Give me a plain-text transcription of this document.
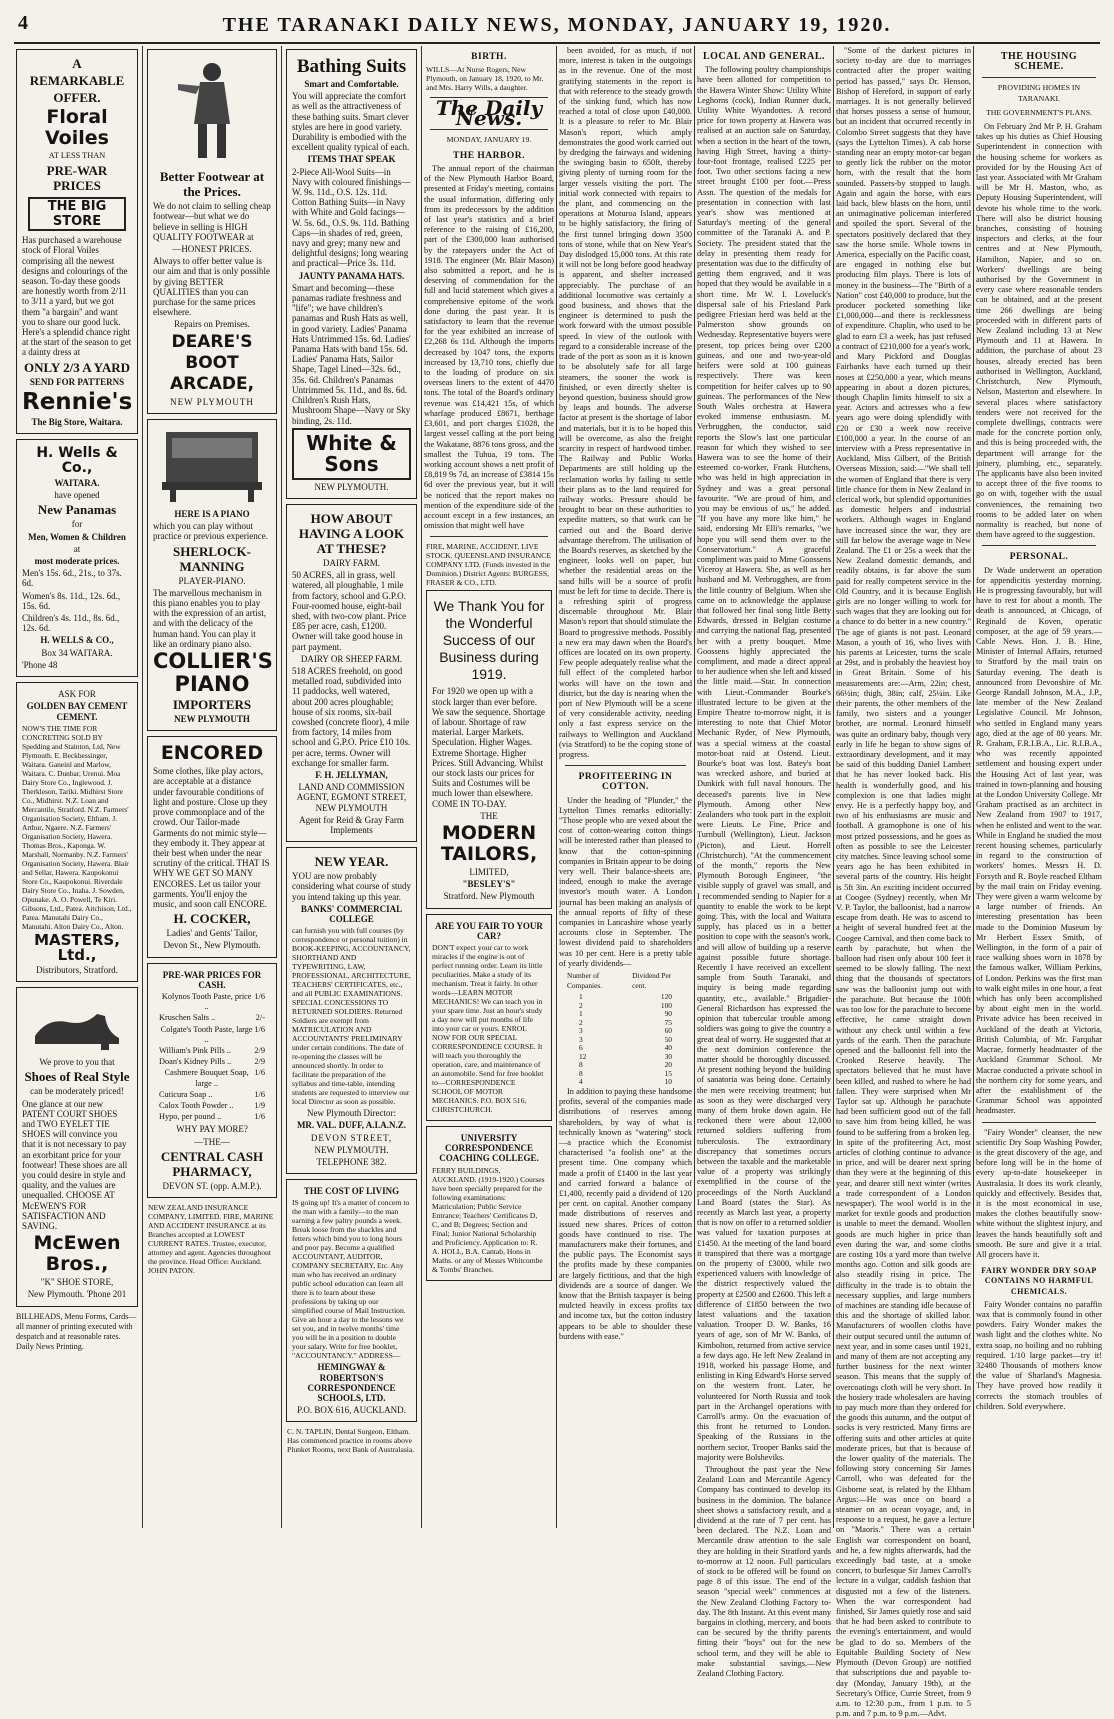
4	THE TARANAKI DAILY NEWS, MONDAY, JANUARY 19, 1920.

A

REMARKABLE

OFFER.

Floral Voiles

AT LESS THAN

PRE-WAR PRICES

THE BIG STORE

Has purchased a warehouse stock of Floral Voiles comprising all the newest designs and colourings of the season. To-day these goods are honestly worth from 2/11 to 3/11 a yard, but we got them "a bargain" and want you to share our good luck. Here's a splendid chance right at the start of the season to get a dainty dress at

ONLY 2/3 A YARD

SEND FOR PATTERNS

Rennie's

The Big Store, Waitara.

H. Wells & Co.,

WAITARA.

have opened

New Panamas

for

Men, Women & Children

at

most moderate prices.

Men's 15s. 6d., 21s., to 37s. 6d.

Women's 8s. 11d., 12s. 6d., 15s. 6d.

Children's 4s. 11d., 8s. 6d., 12s. 6d.

H. WELLS & CO.,

Box 34 WAITARA.

'Phone 48

ASK FOR

GOLDEN BAY CEMENT CEMENT.

NOW'S THE TIME FOR CONCRETING SOLD BY Spedding and Stainton, Ltd, New Plymouth. E. Beckbessinger, Waitara. Ganeinl and Marlow, Waitara. C. Dunbar, Urenui. Moa Dairy Store Co., Inglewood. J. Therkleson, Tariki. Midhirst Store Co., Midhirst. N.Z. Loan and Mercantile, Stratford. N.Z. Farmers' Organisation Society, Eltham. J. Arthur, Ngaere. N.Z. Farmers' Organisation Society, Hawera. Thomas Bros., Kaponga. W. Marshall, Normanby. N.Z. Farmers' Organisation Society, Hawera. Blair and Sellar, Hawera. Kaupokonui Store Co., Kaupokonui. Riverdale Dairy Store Co., Inaha. J. Sowden, Opunake. A. O. Powell, Te Kiri. Gibsons, Ltd., Patea. Aitchison, Ltd., Patea. Manutahi Dairy Co., Manutahi. Alton Dairy Co., Alton.

MASTERS, Ltd.,

Distributors, Stratford.

We prove to you that

Shoes of Real Style

can be moderately priced!

One glance at our new PATENT COURT SHOES and TWO EYELET TIE SHOES will convince you that it is not necessary to pay an exorbitant price for your footwear! These shoes are all you could desire in style and quality, and the values are unequalled. CHOOSE AT McEWEN'S FOR SATISFACTION AND SAVING.

McEwen Bros.,

"K" SHOE STORE,

New Plymouth. 'Phone 201

BILLHEADS, Menu Forms, Cards—all manner of printing executed with despatch and at reasonable rates. Daily News Printing.

Better Footwear at the Prices.

We do not claim to selling cheap footwear—but what we do believe in selling is HIGH QUALITY FOOTWEAR at

—HONEST PRICES.

Always to offer better value is our aim and that is only possible by giving BETTER QUALITIES than you can purchase for the same prices elsewhere.

Repairs on Premises.

DEARE'S BOOT ARCADE,

NEW PLYMOUTH

HERE IS A PIANO

which you can play without practice or previous experience.

SHERLOCK-MANNING

PLAYER-PIANO.

The marvellous mechanism in this piano enables you to play with the expression of an artist, and with the delicacy of the human hand. You can play it like an ordinary piano also.

COLLIER'S

PIANO

IMPORTERS

NEW PLYMOUTH

ENCORED

Some clothes, like play actors, are acceptable at a distance under favourable conditions of light and posture. Close up they prove commonplace and of the crowd. Our Tailor-made Garments do not mimic style—they embody it. They appear at their best when under the near scrutiny of the critical. THAT IS WHY WE GET SO MANY ENCORES. Let us tailor your garments. You'll enjoy the music, and soon call ENCORE.

H. COCKER,

Ladies' and Gents' Tailor,

Devon St., New Plymouth.

PRE-WAR PRICES FOR CASH.

Kolynos Tooth Paste, price ..
1/6
Kruschen Salts ..	2/-
Colgate's Tooth Paste, large ..
1/6
William's Pink Pills ..	2/9
Doan's Kidney Pills ..	2/9
Cashmere Bouquet Soap, large ..
1/6
Cuticura Soap ..	1/6
Calox Tooth Powder ..	1/9
Hypo, per pound ..	1/6

WHY PAY MORE?

—THE—

CENTRAL CASH PHARMACY,

DEVON ST. (opp. A.M.P.).

NEW ZEALAND INSURANCE COMPANY, LIMITED. FIRE, MARINE AND ACCIDENT INSURANCE at its Branches accepted at LOWEST CURRENT RATES. Trustee, executor, attorney and agent. Agencies throughout the province. Head Office: Auckland. JOHN PATON.

Bathing Suits

Smart and Comfortable.

You will appreciate the comfort as well as the attractiveness of these bathing suits. Smart clever styles are here in good variety. Durability is embodied with the excellent quality typical of each.

ITEMS THAT SPEAK

2-Piece All-Wool Suits—in Navy with coloured finishings—W. 9s. 11d., O.S. 12s. 11d. Cotton Bathing Suits—in Navy with White and Gold facings—W. 5s. 6d., O.S. 9s. 11d. Bathing Caps—in shades of red, green, navy and grey; many new and delightful designs; long wearing and practical—Price 3s. 11d.

JAUNTY PANAMA HATS.

Smart and becoming—these panamas radiate freshness and "life"; we have children's panamas and Rush Hats as well, in good variety. Ladies' Panama Hats Untrimmed 15s. 6d. Ladies' Panama Hats with band 15s. 6d. Ladies' Panama Hats, Sailor Shape, Tagel Lined—32s. 6d., 35s. 6d. Children's Panamas Untrimmed 5s. 11d., and 8s. 6d. Children's Rush Hats, Mushroom Shape—Navy or Sky binding, 2s. 11d.

White & Sons

NEW PLYMOUTH.

HOW ABOUT HAVING A LOOK AT THESE?

DAIRY FARM.

50 ACRES, all in grass, well watered, all ploughable, 1 mile from factory, school and G.P.O. Four-roomed house, eight-bail shed, with two-cow plant. Price £85 per acre, cash, £1200. Owner will take good house in part payment.

DAIRY OR SHEEP FARM.

518 ACRES freehold, on good metalled road, subdivided into 11 paddocks, well watered, about 200 acres ploughable; house of six rooms, six-bail cowshed (concrete floor), 4 mile from factory, 14 miles from school and G.P.O. Price £10 10s. per acre, terms. Owner will exchange for smaller farm.

F. H. JELLYMAN,

LAND AND COMMISSION AGENT, EGMONT STREET, NEW PLYMOUTH

Agent for Reid & Gray Farm Implements

NEW YEAR.

YOU are now probably considering what course of study you intend taking up this year.

BANKS' COMMERCIAL COLLEGE

can furnish you with full courses (by correspondence or personal tuition) in BOOK-KEEPING, ACCOUNTANCY, SHORTHAND AND TYPEWRITING, LAW, PROFESSIONAL, ARCHITECTURE, TEACHERS' CERTIFICATES, etc., and all PUBLIC EXAMINATIONS. SPECIAL CONCESSIONS TO RETURNED SOLDIERS. Returned Soldiers are exempt from MATRICULATION AND ACCOUNTANTS' PRELIMINARY under certain conditions. The date of re-opening the classes will be announced shortly. In order to facilitate the preparation of the syllabus and time-table, intending students are requested to interview our local Director as soon as possible.

New Plymouth Director:

MR. VAL. DUFF, A.I.A.N.Z.

DEVON STREET,

NEW PLYMOUTH.

TELEPHONE 382.

THE COST OF LIVING

IS going up! It's a matter of concern to the man with a family—to the man earning a few paltry pounds a week. Break loose from the shackles and fetters which bind you to long hours and poor pay. Become a qualified ACCOUNTANT, AUDITOR, COMPANY SECRETARY, Etc. Any man who has received an ordinary public school education can learn all there is to learn about these professions by taking up our simplified course of Mail Instruction. Give an hour a day to the lessons we set you, and in twelve months' time you will be in a position to double your salary. Write for free booklet, "ACCOUNTANCY." ADDRESS—

HEMINGWAY & ROBERTSON'S CORRESPONDENCE SCHOOLS, LTD.

P.O. BOX 616, AUCKLAND.

C. N. TAPLIN, Dental Surgeon, Eltham. Has commenced practice in rooms above Plunket Rooms, next Bank of Australasia.

BIRTH.

WILLS—At Nurse Rogers, New Plymouth, on January 18, 1920, to Mr. and Mrs. Harry Wills, a daughter.

The Daily News.

MONDAY, JANUARY 19.

THE HARBOR.

The annual report of the chairman of the New Plymouth Harbor Board, presented at Friday's meeting, contains the usual information, differing only from its predecessors by the addition of last year's statistics and a brief reference to the raising of £16,200, part of the £300,000 loan authorised by the ratepayers under the Act of 1918. The engineer (Mr. Blair Mason) also submitted a report, and he is deserving of commendation for the full and lucid statement which gives a comprehensive epitome of the work done during the past year. It is satisfactory to learn that the revenue for the year exhibited an increase of £2,268 6s 11d. Although the imports decreased by 1047 tons, the exports increased by 13,710 tons, chiefly due to the loading of produce on six overseas liners to the extent of 4470 tons. The total of the Board's ordinary revenue was £14,421 15s, of which wharfage produced £8671, berthage £3,601, and port charges £1028, the largest vessel calling at the port being the Wakatane, 8876 tons gross, and the smallest the Tuhua, 19 tons. The working account shows a nett profit of £8,819 9s 7d, an increase of £3814 15s 6d over the previous year, but it will be noticed that the report makes no mention of the expenditure side of the account except in a few instances, an omission that might well have

FIRE, MARINE, ACCIDENT, LIVE STOCK. QUEENSLAND INSURANCE COMPANY LTD. (Funds invested in the Dominion.) District Agents: BURGESS, FRASER & CO., LTD.

We Thank You for the Wonderful Success of our Business during 1919.

For 1920 we open up with a stock larger than ever before. We saw the sequence. Shortage of labour. Shortage of raw material. Larger Markets. Speculation. Higher Wages. Extreme Shortage. Higher Prices. Still Advancing. Whilst our stock lasts our prices for Suits and Costumes will be much lower than elsewhere. COME IN TO-DAY.

THE

MODERN TAILORS,

LIMITED,

"BESLEY'S"

Stratford. New Plymouth

ARE YOU FAIR TO YOUR CAR?

DON'T expect your car to work miracles if the engine is out of perfect running order. Learn its little peculiarities. Make a study of its mechanism. Treat it fairly. In other words—LEARN MOTOR MECHANICS! We can teach you in your spare time. Just an hour's study a day now will put months of life into your car or yours. ENROL NOW FOR OUR SPECIAL CORRESPONDENCE COURSE. It will teach you thoroughly the operation, care, and maintenance of an automobile. Send for free booklet to—CORRESPONDENCE SCHOOL OF MOTOR MECHANICS. P.O. BOX 516, CHRISTCHURCH.

UNIVERSITY CORRESPONDENCE COACHING COLLEGE.

FERRY BUILDINGS, AUCKLAND. (1919-1920.) Courses have been specially prepared for the following examinations: Matriculation; Public Service Entrance; Teachers' Certificates D, C, and B; Degrees; Section and Final; Junior National Scholarship and Proficiency. Application to: R. A. HOLL, B.A. Cantab, Hons in Maths. or any of Messrs Whitcombe & Tombs' Branches.

been avoided, for as much, if not more, interest is taken in the outgoings as in the revenue. One of the most gratifying statements in the report is that with reference to the steady growth of the sinking fund, which has now reached a total of close upon £40,000. It is a pleasure to refer to Mr. Blair Mason's report, which amply demonstrates the good work carried out by dredging the fairways and widening the swinging basin to 650ft, thereby giving plenty of turning room for the larger vessels visiting the port. The initial work connected with repairs to the plant, and commencing on the operations at Moturoa Island, appears to be highly satisfactory, the firing of the first tunnel bringing down 3500 tons of stone, while that on New Year's Day dislodged 15,000 tons. At this rate it will not be long before good headway is apparent, and shelter increased appreciably. The purchase of an additional locomotive was certainly a good business, and shows that the engineer is determined to push the work forward with the utmost possible speed. In view of the outlook with regard to a considerable increase of the trade of the port as soon as it is known to be absolutely safe for all large steamers, the sooner the work is finished, or even directly shelter is beyond question, business should grow by leaps and bounds. The adverse factor at present is the shortage of labor and materials, but it is to be hoped this will be overcome, as also the freight scarcity in respect of hardwood timber. The Railway and Public Works Departments are still holding up the reclamation works by failing to settle their plans as to the land required for railway works. Pressure should be brought to bear on these authorities to expedite matters, so that work can be carried out and the Board derive advantage therefrom. The utilisation of the Board's reserves, as sketched by the engineer, looks well on paper, but whether the residential areas on the sand hills will be a source of profit must be left for time to decide. There is a refreshing spirit of progress discernable throughout Mr. Blair Mason's report that should stimulate the Board to progressive methods. Possibly a new era may dawn when the Board's offices are located on its own property. Few people adequately realise what the full effect of the completed harbor works will have on the town and district, but the day is nearing when the port of New Plymouth will be a scene of very considerable activity, needing only a fast express service on the railways to Wellington and Auckland (via Stratford) to be the coping stone of progress.

PROFITEERING IN COTTON.

Under the heading of "Plunder," the Lyttelton Times remarks editorially: "Those people who are vexed about the cost of cotton-wearing cotton things will be interested rather than pleased to know that the cotton-spinning companies in Britain appear to be doing very well. Their balance-sheets are, indeed, enough to make the average investor's mouth water. A London journal has been making an analysis of the annual reports of fifty of these companies in Lancashire whose yearly accounts close in September. The lowest dividend paid to shareholders was 10 per cent. Here is a pretty table of yearly dividends—

Number of Companies.
Dividend Per cent.
1	120
2	100
1	90
2	75
3	60
3	50
6	40
12	30
8	20
8	15
4	10

In addition to paying these handsome profits, several of the companies made distributions of reserves among shareholders, by way of what is technically known as "watering" stock—a practice which the Economist characterised "a foolish one" at the present time. One company which made a profit of £1400 in the last year and carried forward a balance of £1,400, recently paid a dividend of 120 per cent. on capital. Another company made distributions of reserves and issued new shares. Prices of cotton goods have continued to rise. The manufacturers make their fortunes, and the public pays. The Economist says the profits made by these companies are largely fictitious, and that the high dividends are a source of danger. We know that the British taxpayer is being mulcted heavily in excess profits tax and income tax, but the cotton industry appears to be able to shoulder these burdens with ease."

LOCAL AND GENERAL.

The following poultry championships have been allotted for competition to the Hawera Winter Show: Utility White Leghorns (cock), Indian Runner duck, Utility White Wyandottes. A record price for town property at Hawera was realised at an auction sale on Saturday, when a section in the heart of the town, having High Street, having a thirty-four-foot frontage, realised £225 per foot. Two other sections facing a new street brought £100 per foot.—Press Assn. The question of the medals for presentation in connection with last year's show was mentioned at Saturday's meeting of the general committee of the Taranaki A. and P. Society. The president stated that the delay in presenting them ready for presentation was due to the difficulty of getting them engraved, and it was hoped that they would be available in a short time. Mr W. I. Loveluck's dispersal sale of his Friesland Park pedigree Friesian herd was held at the Palmerston show grounds on Wednesday. Representative buyers were present, top prices being over £200 guineas, and one and two-year-old heifers were sold at 100 guineas respectively. There was keen competition for heifer calves up to 90 guineas. The performances of the New South Wales orchestra at Hawera evoked immense enthusiasm. M. Verbrugghen, the conductor, said reports the Slow's last one particular reason for which they wished to see Hawera was to see the home of their esteemed co-worker, Frank Hutchens, who was held in high appreciation in Sydney and was a great personal favourite. "We are proud of him, and you may be envious of us," he added. "If you have any more like him," he said, endorsing Mr Elli's remarks, "we hope you will send them over to the Conservatorium." A graceful compliment was paid to Mme Goossens Viceroy at Hawera. She, as well as her husband and M. Verbrugghen, are from the little country of Belgium. When she came on to acknowledge the applause that followed her final song little Betty Edwards, dressed in Belgian costume and carrying the national flag, presented her with a pretty bouquet. Mme Goossens highly appreciated the compliment, and made a direct appeal to her audience when she left and kissed the little maid.—Star. In connection with Lieut.-Commander Bourke's illustrated lecture to be given at the Empire Theatre to-morrow night, it is interesting to note that Chief Motor Mechanic Ryder, of New Plymouth, was a special witness at the coastal motor-boat raid at Ostend. Lieut. Bourke's boat was lost. Batey's boat was wrecked ashore, and buried at Dunkirk with full naval honours. The deceased's parents live in New Plymouth. Among other New Zealanders who took part in the exploit were Lieuts. Le Fine, Price and Turnbull (Wellington), Lieut. Jackson (Picton), and Lieut. Horrell (Christchurch). "At the commencement of the month," reports the New Plymouth Borough Engineer, "the visible supply of gravel was small, and I recommended sending to Napier for a quantity to enable the work to be kept going. This, with the local and Waitara supply, has placed us in a better position to cope with the season's work, and will allow of building up a reserve against possible future shortage. Recently I have received an excellent sample from South Taranaki, and inquiry is being made regarding quantity, etc., available." Brigadier-General Richardson has expressed the opinion that tubercular trouble among soldiers was going to give the country a great deal of worry. He suggested that at the next dominion conference the matter should be thoroughly discussed. At present nothing beyond the building of sanatoria was being done. Certainly the men were receiving treatment; but as soon as they were discharged very many of them broke down again. He reckoned there were about 12,000 returned soldiers suffering from tuberculosis. The extraordinary discrepancy that sometimes occurs between the taxable and the marketable value of a property was strikingly exemplified in the course of the proceedings of the North Auckland Land Board (states the Star). As recently as March last year, a property that is now on offer to a returned soldier was valued for taxation purposes at £1450. At the meeting of the land board it transpired that there was a mortgage on the property of £3000, while two experienced valuers with knowledge of the district respectively valued the property at £2500 and £2600. This left a difference of £1850 between the two latest valuations and the taxation valuation. Trooper D. W. Banks, 16 years of age, son of Mr W. Banks, of Kimbolton, returned from active service a few days ago. He left New Zealand in 1918, worked his passage Home, and enlisting in King Edward's Horse served on the western front. Later, he volunteered for North Russia and took part in the Archangel operations with Carroll's army. On the evacuation of this front he returned to London. Speaking of the Russians in the northern sector, Trooper Banks said the majority were Bolsheviks.

Throughout the past year the New Zealand Loan and Mercantile Agency Company has continued to develop its business in the dominion. The balance sheet shows a satisfactory result, and a dividend at the rate of 7 per cent. has been declared. The N.Z. Loan and Mercantile draw attention to the sale they are holding in their Stratford yards to-morrow at 12 noon. Full particulars of stock to be offered will be found on page 8 of this issue. The end of the season "special week" commences at the New Zealand Clothing Factory to-day. The 8th Instant. At this event many bargains in clothing, mercery, and boots can be secured by the thrifty parents fitting their "boys" out for the new school term, and they will be able to make substantial savings.—New Zealand Clothing Factory.

"Some of the darkest pictures in society to-day are due to marriages contracted after the proper waiting period has passed," says Dr. Henson, Bishop of Hereford, in support of early marriages. It is not generally believed that horses possess a sense of humour, but an incident that occurred recently in Colombo Street suggests that they have (says the Lyttelton Times). A cab horse standing near an empty motor-car began to gently lick the rubber on the motor horn, with the result that the horn sounded. Passers-by stopped to laugh. Again and again the horse, with ears laid back, blew blasts on the horn, until an unimaginative policeman interfered and spoiled the sport. Several of the spectators positively declared that they saw the horse smile. Whole towns in America, especially on the Pacific coast, are engaged in nothing else but producing film plays. There is lots of money in the business—The "Birth of a Nation" cost £40,000 to produce, but the producer pocketed something like £1,000,000—and there is recklessness of expenditure. Chaplin, who used to be glad to earn £3 a week, has just refused a contract of £210,000 for a year's work, and Mary Pickford and Douglas Fairbanks have each turned up their noses at £250,000 a year, which means appearing in about a dozen pictures, though Chaplin limits himself to six a year. Actors and actresses who a few years ago were doing splendidly with £20 or £30 a week now receive £100,000 a year. In the course of an interview with a Press representative in Auckland, Miss Gilbert, of the British Overseas Mission, said:—"We shall tell the women of England that there is very little chance for them in New Zealand in clerical work, but splendid opportunities as domestic helpers and industrial workers. Although wages in England have increased since the war, they are still far below the average wage in New Zealand. The £1 or 25s a week that the New Zealand domestic demands, and readily obtains, is far above the sum paid for really competent service in the Old Country, and it is because English girls are no longer willing to work for such wages that they are looking out for a chance to do better in a new country." The age of giants is not past. Leonard Mason, a youth of 16, who lives with his parents at Leicester, turns the scale at 29st, and is probably the heaviest boy in Great Britain. Some of his measurements are:—Arm, 22in; chest, 66½in; thigh, 38in; calf, 25¼in. Like their parents, the other members of the family, two sisters and a younger brother, are normal. Leonard himself was quite an ordinary baby, though very early in life he began to show signs of extraordinary development, and it may be said of this budding Daniel Lambert that he has never looked back. His health is wonderfully good, and his complexion is one that ladies might envy. He is a perfectly happy boy, and two of his enthusiasms are music and football. A gramophone is one of his most prized possessions, and he goes as often as possible to see the Leicester city matches. Since leaving school some years ago he has been exhibited in several parts of the country. His height is 5ft 3in. An exciting incident occurred at Coogee (Sydney) recently, when Mr V. P. Taylor, the balloonist, had a narrow escape from death. He was to ascend to a height of several hundred feet at the Coogee Carnival, and then come back to earth by parachute, but when the balloon had risen only about 100 feet it seemed to be slowly falling. The next thing that the thousands of spectators saw was the balloonist jump out with the parachute. But because the 100ft was too low for the parachute to become effective, he came straight down without any check until within a few yards of the earth. Then the parachute opened and the balloonist fell into the Crooked Reserve heavily. The spectators believed that he must have been killed, and rushed to where he had fallen. They were surprised when Mr Taylor sat up. Although he parachute had been sufficient good out of the fall to save him from being killed, he was found to be suffering from a broken leg. In spite of the profiteering Act, most articles of clothing continue to advance in price, and will be dearer next spring than they were at the beginning of this year, and dearer still next winter (writes a trade correspondent of a London newspaper). The wool world is in the market for textile goods and production is unable to meet the demand. Woollen goods are much higher in price than even during the war, and some cloths are costing 10s a yard more than twelve months ago. Cotton and silk goods are also steadily rising in price. The difficulty in the trade is to obtain the necessary supplies, and large numbers of machines are standing idle because of this and the shortage of skilled labor. Manufacturers of woollen cloths have their output secured until the autumn of next year, and in some cases until 1921, and many of them are not accepting any further business for the next winter season. This means that the supply of overcoatings cloth will be very short. In the hosiery trade wholesalers are having to pay much more than they ordered for the goods this autumn, and the output of socks is very restricted. Many firms are offering suits and other articles at quite moderate prices, but that is because of the lower quality of the materials. The following story concerning Sir James Carroll, who was defeated for the Gisborne seat, is related by the Eltham Argus:—He was once on board a steamer on an ocean voyage, and, in response to a request, he gave a lecture on "Maoris." There was a certain English war correspondent on board, and he, a few nights afterwards, had the exceedingly bad taste, at a smoke concert, to burlesque Sir James Carroll's lecture in a vulgar, caddish fashion that disgusted not a few of the listeners. When the war correspondent had finished, Sir James quietly rose and said that he had been asked to contribute to the evening's entertainment, and would be glad to do so. Members of the Equitable Building Society of New Plymouth (Devon Group) are notified that subscriptions due and payable to-day (Monday, January 19th), at the Secretary's Office, Currie Street, from 9 a.m. to 12:30 p.m., from 1 p.m. to 5 p.m. and 7 p.m. to 9 p.m.—Advt.

THE HOUSING SCHEME.

PROVIDING HOMES IN TARANAKI.

THE GOVERNMENT'S PLANS.

On February 2nd Mr P. H. Graham takes up his duties as Chief Housing Superintendent in connection with the housing scheme for workers as provided for by the Housing Act of last year. Associated with Mr Graham will be Mr H. Maston, who, as Deputy Housing Superintendent, will devote his whole time to the work. There will also be district housing branches, consisting of housing inspectors and clerks, at the four centres and at New Plymouth, Hamilton, Napier, and so on. Workers' dwellings are being authorised by the Government in every case where reasonable tenders can be obtained, and at the present time 266 dwellings are being proceeded with in different parts of New Zealand including 13 at New Plymouth and 11 at Hawera. In addition, the purchase of about 23 houses, already erected has been authorised in Wellington, Auckland, Christchurch, New Plymouth, Nelson, Masterton and elsewhere. In several places where satisfactory tenders were not received for the complete dwellings, contracts were made for the concrete portion only, and this is being proceeded with, the department will arrange for the joinery, plumbing, etc., separately. The applicants have also been invited to accept three of the five rooms to go on with, together with the usual conveniences, the remaining two rooms to be added later on when normality is reached, but none of them have agreed to the suggestion.

PERSONAL.

Dr Wade underwent an operation for appendicitis yesterday morning. He is progressing favourably, but will have to rest for about a month. The death is announced, at Chicago, of Reginald de Koven, operatic composer, at the age of 59 years.—Cable News. Hon. J. B. Hine, Minister of Internal Affairs, returned to Stratford by the mail train on Saturday evening. The death is announced from Devonshire of Mr. George Randall Johnson, M.A., J.P., late member of the New Zealand Legislative Council. Mr Johnson, who settled in England many years ago, died at the age of 80 years. Mr. R. Graham, F.R.I.B.A., Lic. R.I.B.A., who was recently appointed settlement and housing expert under the Housing Act of last year, was trained in town-planning and housing at the London University College. Mr Graham practised as an architect in New Zealand from 1907 to 1917, when he enlisted and went to the war. While in England he studied the most recent housing schemes, particularly in regard to the construction of workers' homes. Messrs H. D. Forsyth and R. Boyle reached Eltham by the mail train on Friday evening. They were given a warm welcome by a large number of friends. An interesting presentation has been made to the Dominion Museum by Mr Herbert Essex Smith, of Wellington, in the form of a pair of race walking shoes worn in 1878 by the famous walker, William Perkins, of London. Perkins was the first man to walk eight miles in one hour, a feat which has only been accomplished by about eight men in the world. Private advice has been received in Auckland of the death at Victoria, British Columbia, of Mr. Farquhar Macrae, formerly headmaster of the Auckland Grammar School. Mr Macrae conducted a private school in the northern city for some years, and after the establishment of the Grammar School was appointed headmaster.

"Fairy Wonder" cleanser, the new scientific Dry Soap Washing Powder, is the great discovery of the age, and before long will be in the home of every up-to-date housekeeper in Australasia. It does its work cleanly, quickly and effectively. Besides that, it is the most economical in use, makes the clothes beautifully snow-white without the slightest injury, and leaves the hands beautifully soft and smooth. Be sure and give it a trial. All grocers have it.

FAIRY WONDER DRY SOAP CONTAINS NO HARMFUL CHEMICALS.

Fairy Wonder contains no paraffin wax that is commonly found in other powders. Fairy Wonder makes the wash light and the clothes white. No extra soap, no boiling and no rubbing required. 1/10 large packet—try it! 32480 Thousands of mothers know the value of Sharland's Magnesia. They have proved how readily it corrects the stomach troubles of children. Sold everywhere.
